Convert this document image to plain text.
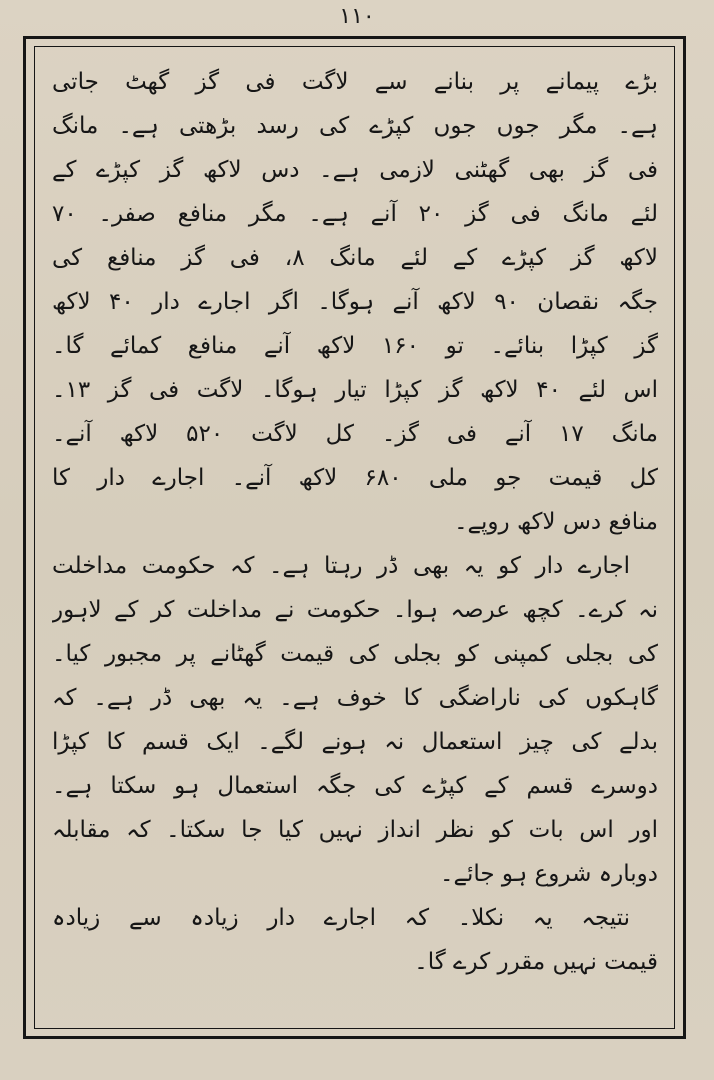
١١٠
بڑے پیمانے پر بنانے سے لاگت فی گز گھٹ جاتی
ہے۔ مگر جوں جوں کپڑے کی رسد بڑھتی ہے۔ مانگ
فی گز بھی گھٹنی لازمی ہے۔ دس لاکھ گز کپڑے کے
لئے مانگ فی گز ۲۰ آنے ہے۔ مگر منافع صفر۔ ۷۰
لاکھ گز کپڑے کے لئے مانگ ۸، فی گز منافع کی
جگہ نقصان ۹۰ لاکھ آنے ہوگا۔ اگر اجارے دار ۴۰ لاکھ
گز کپڑا بنائے۔ تو ۱۶۰ لاکھ آنے منافع کمائے گا۔
اس لئے ۴۰ لاکھ گز کپڑا تیار ہوگا۔ لاگت فی گز ۱۳۔
مانگ ۱۷ آنے فی گز۔ کل لاگت ۵۲۰ لاکھ آنے۔
کل قیمت جو ملی ۶۸۰ لاکھ آنے۔ اجارے دار کا
منافع دس لاکھ روپے۔
اجارے دار کو یہ بھی ڈر رہتا ہے۔ کہ حکومت مداخلت
نہ کرے۔ کچھ عرصہ ہوا۔ حکومت نے مداخلت کر کے لاہور
کی بجلی کمپنی کو بجلی کی قیمت گھٹانے پر مجبور کیا۔
گاہکوں کی ناراضگی کا خوف ہے۔ یہ بھی ڈر ہے۔ کہ
بدلے کی چیز استعمال نہ ہونے لگے۔ ایک قسم کا کپڑا
دوسرے قسم کے کپڑے کی جگہ استعمال ہو سکتا ہے۔
اور اس بات کو نظر انداز نہیں کیا جا سکتا۔ کہ مقابلہ
دوبارہ شروع ہو جائے۔
نتیجہ یہ نکلا۔ کہ اجارے دار زیادہ سے زیادہ
قیمت نہیں مقرر کرے گا۔
